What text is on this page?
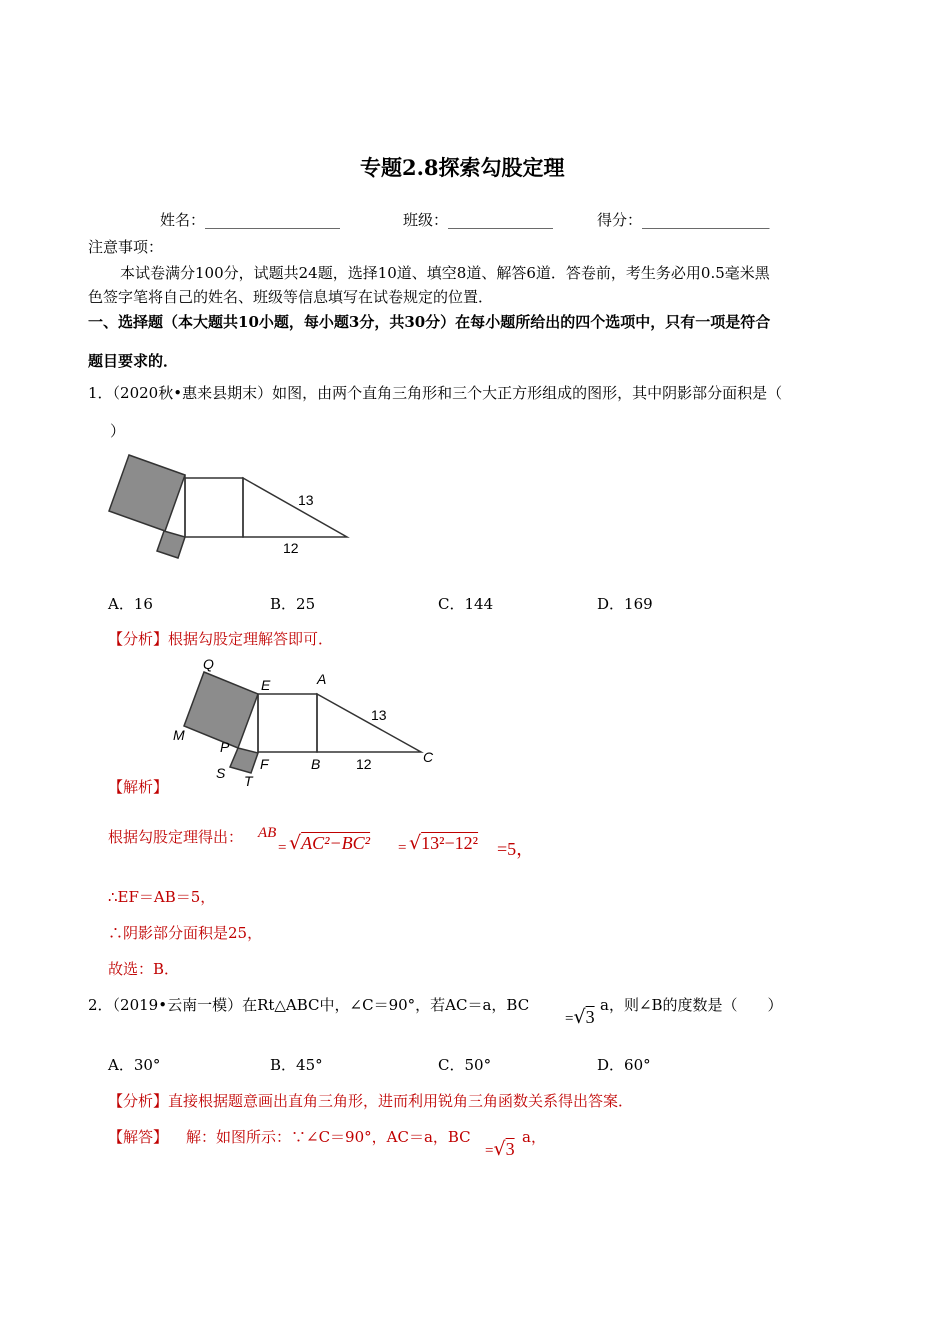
专题2.8探索勾股定理
姓名：__________________	班级：______________	得分：_________________
注意事项：
本试卷满分100分，试题共24题，选择10道、填空8道、解答6道．答卷前，考生务必用0.5毫米黑
色签字笔将自己的姓名、班级等信息填写在试卷规定的位置．
一、选择题（本大题共10小题，每小题3分，共30分）在每小题所给出的四个选项中，只有一项是符合
题目要求的．
1．（2020秋•惠来县期末）如图，由两个直角三角形和三个大正方形组成的图形，其中阴影部分面积是（
）
13
12
A．16	B．25	C．144	D．169
【分析】根据勾股定理解答即可．
Q
E	A
M
P
F	B	C
S T
13
12
【解析】
根据勾股定理得出： AB
= √AC²−BC² = √13²−12² =5，
∴EF＝AB＝5，
∴阴影部分面积是25，
故选：B．
2．（2019•云南一模）在Rt△ABC中，∠C＝90°，若AC＝a，BC
=√3
a，则∠B的度数是（　　）
A．30°	B．45°	C．50°	D．60°
【分析】直接根据题意画出直角三角形，进而利用锐角三角函数关系得出答案．
【解答】 解：如图所示：∵∠C＝90°，AC＝a，BC
=√3
a，
